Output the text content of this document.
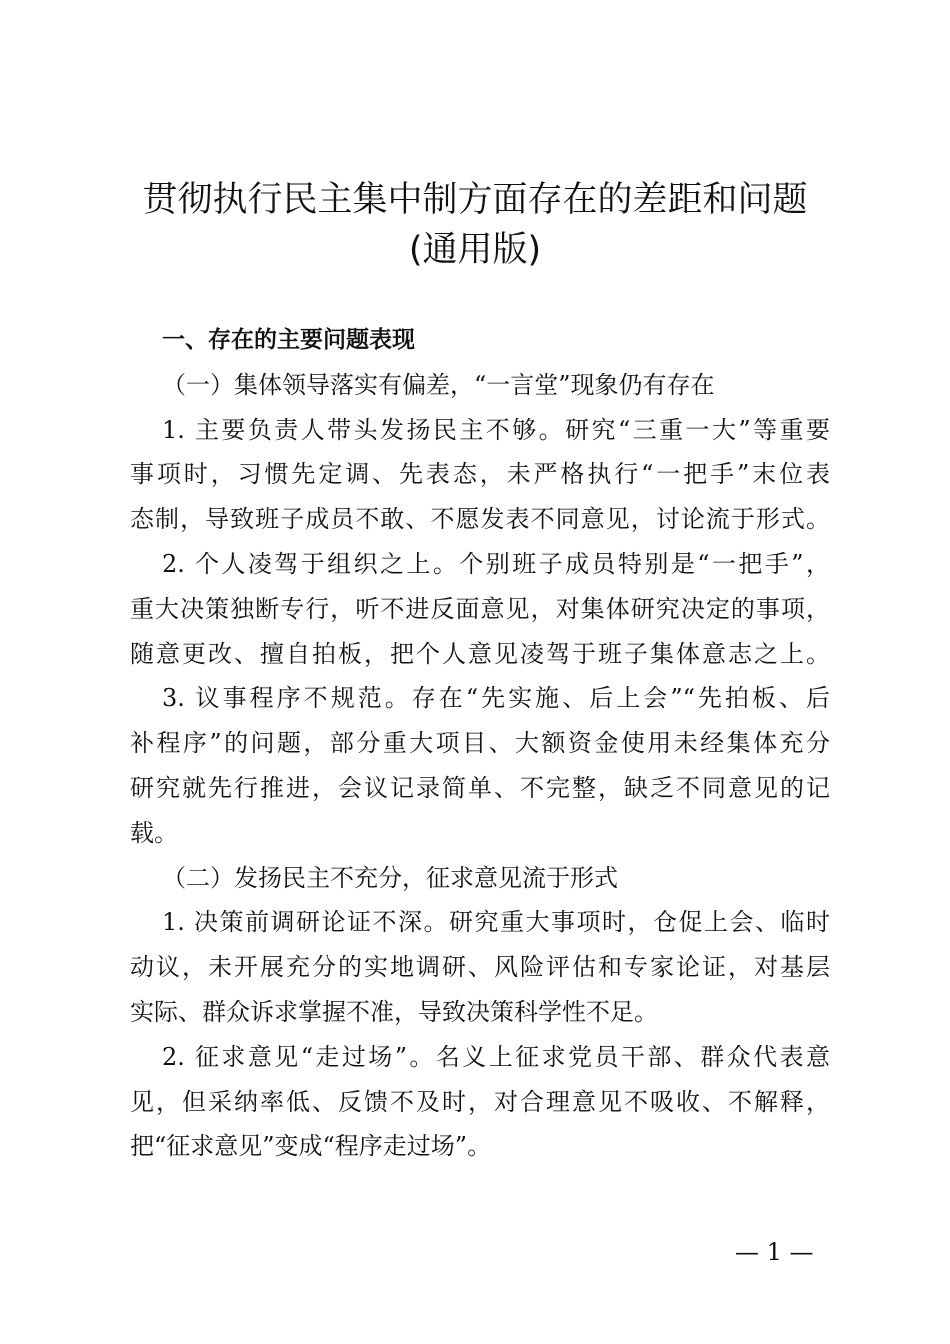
贯彻执行民主集中制方面存在的差距和问题
(通用版)
一、存在的主要问题表现
（一）集体领导落实有偏差，“一言堂”现象仍有存在
1. 主要负责人带头发扬民主不够。研究“三重一大”等重要
事项时，习惯先定调、先表态，未严格执行“一把手”末位表
态制，导致班子成员不敢、不愿发表不同意见，讨论流于形式。
2. 个人凌驾于组织之上。个别班子成员特别是“一把手”，
重大决策独断专行，听不进反面意见，对集体研究决定的事项，
随意更改、擅自拍板，把个人意见凌驾于班子集体意志之上。
3. 议事程序不规范。存在“先实施、后上会”“先拍板、后
补程序”的问题，部分重大项目、大额资金使用未经集体充分
研究就先行推进，会议记录简单、不完整，缺乏不同意见的记
载。
（二）发扬民主不充分，征求意见流于形式
1. 决策前调研论证不深。研究重大事项时，仓促上会、临时
动议，未开展充分的实地调研、风险评估和专家论证，对基层
实际、群众诉求掌握不准，导致决策科学性不足。
2. 征求意见“走过场”。名义上征求党员干部、群众代表意
见，但采纳率低、反馈不及时，对合理意见不吸收、不解释，
把“征求意见”变成“程序走过场”。
— 1 —
